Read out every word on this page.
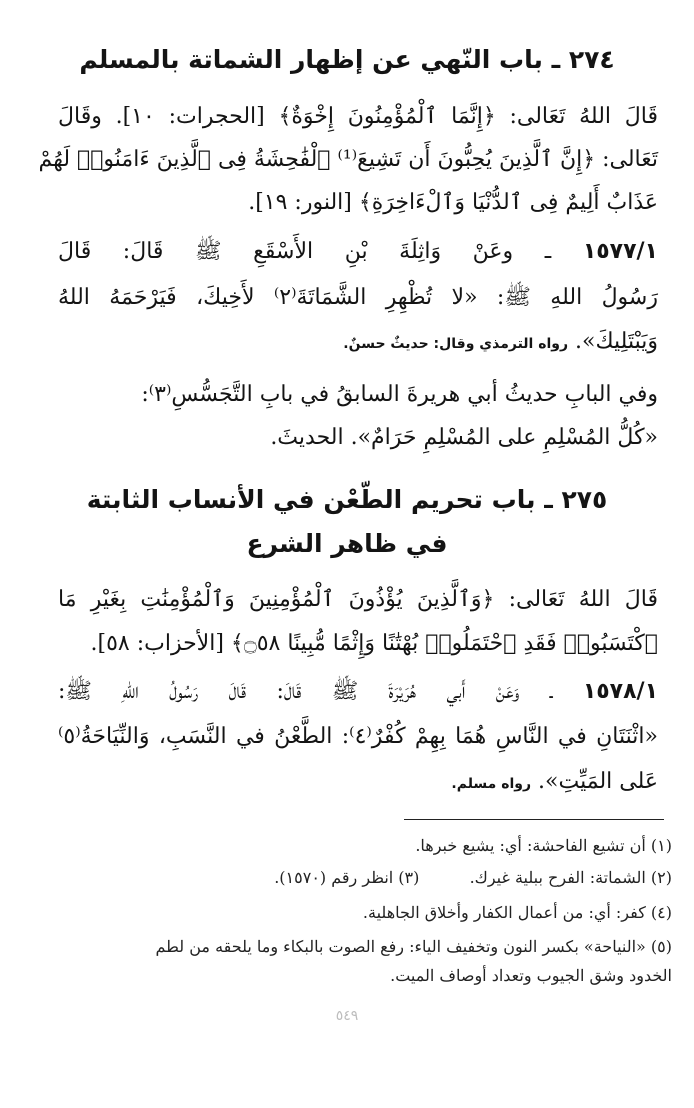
٢٧٤ ـ باب النّهي عن إظهار الشماتة بالمسلم
قَالَ اللهُ تَعَالى: ﴿إِنَّمَا ٱلْمُؤْمِنُونَ إِخْوَةٌ﴾ [الحجرات: ١٠]. وقَالَ
تَعَالى: ﴿إِنَّ ٱلَّذِينَ يُحِبُّونَ أَن تَشِيعَ⁽¹⁾ ٱلْفَٰحِشَةُ فِى ٱلَّذِينَ ءَامَنُوا۟ لَهُمْ
عَذَابٌ أَلِيمٌ فِى ٱلدُّنْيَا وَٱلْءَاخِرَةِ﴾ [النور: ١٩].
١٥٧٧/١ ـ وعَنْ وَاثِلَةَ بْنِ الأَسْقَعِ ﷺ قَالَ: قَالَ
رَسُولُ اللهِ ﷺ: «لا تُظْهِرِ الشَّمَاتَةَ⁽٢⁾ لأَخِيكَ، فَيَرْحَمَهُ اللهُ
وَيَبْتَلِيكَ». رواه الترمذي وقال: حديثٌ حسنٌ.
وفي البابِ حديثُ أبي هريرةَ السابقُ في بابِ التَّجَسُّسِ⁽٣⁾:
«كُلُّ المُسْلِمِ على المُسْلِمِ حَرَامٌ». الحديثَ.
٢٧٥ ـ باب تحريم الطّعْن في الأنساب الثابتة
في ظاهر الشرع
قَالَ اللهُ تَعَالى: ﴿وَٱلَّذِينَ يُؤْذُونَ ٱلْمُؤْمِنِينَ وَٱلْمُؤْمِنَٰتِ بِغَيْرِ مَا
ٱكْتَسَبُوا۟ فَقَدِ ٱحْتَمَلُوا۟ بُهْتَٰنًا وَإِثْمًا مُّبِينًا ۝٥٨﴾ [الأحزاب: ٥٨].
١٥٧٨/١ ـ وَعَنْ أَبي هُرَيْرَةَ ﷺ قَالَ: قَالَ رَسُولُ اللهِ ﷺ:
«اثْنَتَانِ في النَّاسِ هُمَا بِهِمْ كُفْرٌ⁽٤⁾: الطَّعْنُ في النَّسَبِ، وَالنِّيَاحَةُ⁽٥⁾
عَلى المَيِّتِ». رواه مسلم.
(١) أن تشيع الفاحشة: أي: يشيع خبرها.
(٢) الشماتة: الفرح ببلية غيرك.  (٣) انظر رقم (١٥٧٠).
(٤) كفر: أي: من أعمال الكفار وأخلاق الجاهلية.
(٥) «النياحة» بكسر النون وتخفيف الياء: رفع الصوت بالبكاء وما يلحقه من لطم
الخدود وشق الجيوب وتعداد أوصاف الميت.
٥٤٩
